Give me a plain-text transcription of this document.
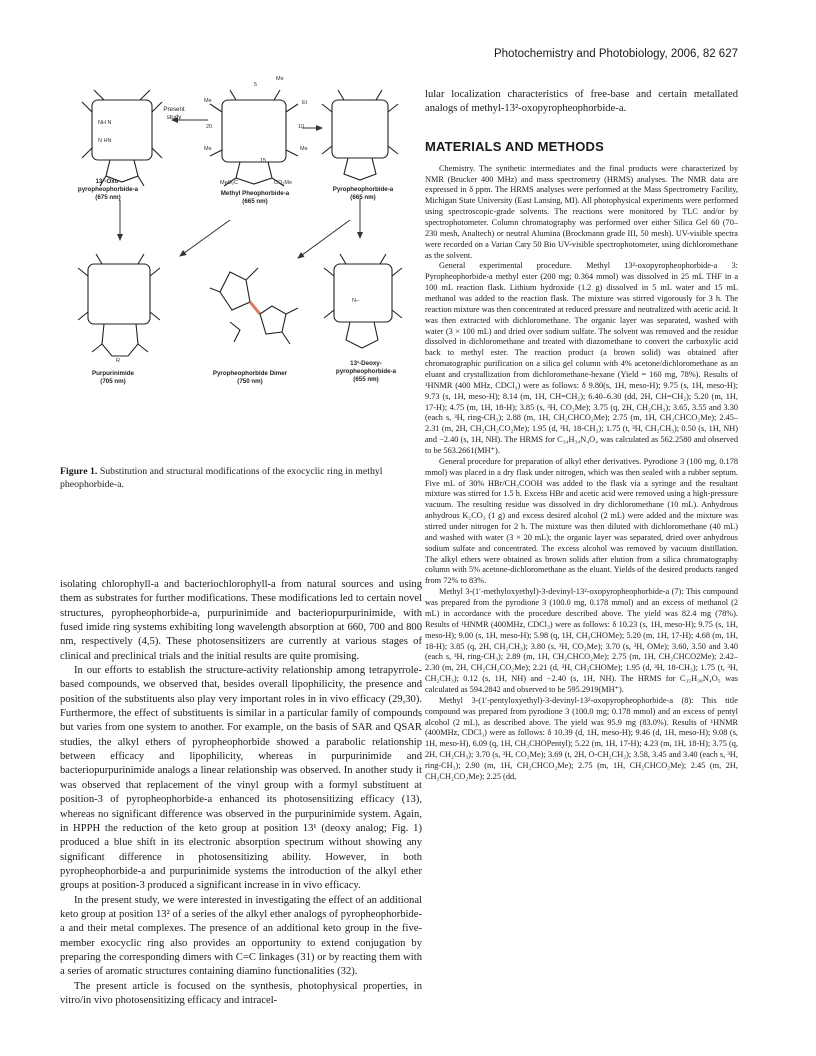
Photochemistry and Photobiology, 2006, 82 627
13²-Oxo-
pyropheophorbide-a
(675 nm)
Present
study
Methyl Pheophorbide-a
(665 nm)
Pyropheophorbide-a
(665 nm)
Purpurinimide
(705 nm)
Pyropheophorbide Dimer
(750 nm)
13¹-Deoxy-
pyropheophorbide-a
(655 nm)
Me
5
Me
Et
20	10
Me	Me
15
MeO₂C	CO₂Me
NH N
N HN
R
N–
Figure 1. Substitution and structural modifications of the exocyclic ring in methyl pheophorbide-a.

isolating chlorophyll-a and bacteriochlorophyll-a from natural sources and using them as substrates for further modifications. These modifications led to certain novel structures, pyropheophorbide-a, purpurinimide and bacteriopurpurinimide, with fused imide ring systems exhibiting long wavelength absorption at 660, 700 and 800 nm, respectively (4,5). These photosensitizers are currently at various stages of clinical and preclinical trials and the initial results are quite promising.

In our efforts to establish the structure-activity relationship among tetrapyrrole-based compounds, we observed that, besides overall lipophilicity, the presence and position of the substituents also play very important roles in in vivo efficacy (29,30). Furthermore, the effect of substituents is similar in a particular family of compounds but varies from one system to another. For example, on the basis of SAR and QSAR studies, the alkyl ethers of pyropheophorbide showed a parabolic relationship between efficacy and lipophilicity, whereas in purpurinimide and bacteriopurpurinimide analogs a linear relationship was observed. In another study it was observed that replacement of the vinyl group with a formyl substituent at position-3 of pyropheophorbide-a enhanced its photosensitizing efficacy (13), whereas no significant difference was observed in the purpurinimide system. Again, in HPPH the reduction of the keto group at position 13¹ (deoxy analog; Fig. 1) produced a blue shift in its electronic absorption spectrum without showing any significant difference in photosensitizing ability. However, in both pyropheophorbide-a and purpurinimide systems the introduction of the alkyl ether groups at position-3 produced a significant increase in in vivo efficacy.

In the present study, we were interested in investigating the effect of an additional keto group at position 13² of a series of the alkyl ether analogs of pyropheophorbide-a and their metal complexes. The presence of an additional keto group in the five-member exocyclic ring also provides an opportunity to extend conjugation by preparing the corresponding dimers with C=C linkages (31) or by reacting them with a series of aromatic structures containing diamino functionalities (32).

The present article is focused on the synthesis, photophysical properties, in vitro/in vivo photosensitizing efficacy and intracel-

lular localization characteristics of free-base and certain metallated analogs of methyl-13²-oxopyropheophorbide-a.

MATERIALS AND METHODS

Chemistry. The synthetic intermediates and the final products were characterized by NMR (Brucker 400 MHz) and mass spectrometry (HRMS) analyses. The NMR data are expressed in δ ppm. The HRMS analyses were performed at the Mass Spectrometry Facility, Michigan State University (East Lansing, MI). All photophysical experiments were performed using spectroscopic-grade solvents. The reactions were monitored by TLC and/or by spectrophotometer. Column chromatography was performed over either Silica Gel 60 (70–230 mesh, Analtech) or neutral Alumina (Brockmann grade III, 50 mesh). UV-visible spectra were recorded on a Varian Cary 50 Bio UV-visible spectrophotometer, using dichloromethane as the solvent.

General experimental procedure. Methyl 13²-oxopyropheophorbide-a 3: Pyropheophorbide-a methyl ester (200 mg; 0.364 mmol) was dissolved in 25 mL THF in a 100 mL reaction flask. Lithium hydroxide (1.2 g) dissolved in 5 mL water and 15 mL methanol was added to the reaction flask. The mixture was stirred vigorously for 3 h. The reaction mixture was then concentrated at reduced pressure and neutralized with acetic acid. It was then extracted with dichloromethane. The organic layer was separated, washed with water (3 × 100 mL) and dried over sodium sulfate. The solvent was removed and the residue dissolved in dichloromethane and treated with diazomethane to convert the carboxylic acid back to methyl ester. The reaction product (a brown solid) was obtained after chromatographic purification on a silica gel column with 4% acetone/dichloromethane as an eluant and crystallization from dichloromethane-hexane (Yield = 160 mg, 78%). Results of ¹HNMR (400 MHz, CDCl₃) were as follows: δ 9.80(s, 1H, meso-H); 9.75 (s, 1H, meso-H); 9.73 (s, 1H, meso-H); 8.14 (m, 1H, CH=CH₂); 6.40–6.30 (dd, 2H, CH=CH₂); 5.20 (m, 1H, 17-H); 4.75 (m, 1H, 18-H); 3.85 (s, ³H, CO₂Me); 3.75 (q, 2H, CH₂CH₃); 3.65, 3.55 and 3.30 (each s, ³H, ring-CH₃); 2.88 (m, 1H, CH₂CHCO₂Me); 2.75 (m, 1H, CH₂CHCO₂Me); 2.45–2.31 (m, 2H, CH₂CH₂CO₂Me); 1.95 (d, ³H, 18-CH₃); 1.75 (t, ³H, CH₂CH₃); 0.50 (s, 1H, NH) and −2.40 (s, 1H, NH). The HRMS for C₃₄H₃₄N₄O₄ was calculated as 562.2580 and observed to be 563.2661(MH⁺).

General procedure for preparation of alkyl ether derivatives. Pyrodione 3 (100 mg, 0.178 mmol) was placed in a dry flask under nitrogen, which was then sealed with a rubber septum. Five mL of 30% HBr/CH₃COOH was added to the flask via a syringe and the resultant mixture was stirred for 1.5 h. Excess HBr and acetic acid were removed using a high-pressure vacuum. The resulting residue was dissolved in dry dichloromethane (10 mL). Anhydrous anhydrous K₂CO₃ (1 g) and excess desired alcohol (2 mL) were added and the mixture was stirred under nitrogen for 2 h. The mixture was then diluted with dichloromethane (40 mL) and washed with water (3 × 20 mL); the organic layer was separated, dried over anhydrous sodium sulfate and concentrated. The excess alcohol was removed by vacuum distillation. The alkyl ethers were obtained as brown solids after elution from a silica chromatography column with 5% acetone-dichloromethane as the eluant. Yields of the desired products ranged from 72% to 83%.

Methyl 3-(1′-methyloxyethyl)-3-devinyl-13²-oxopyropheophorbide-a (7): This compound was prepared from the pyrodione 3 (100.0 mg, 0.178 mmol) and an excess of methanol (2 mL) in accordance with the procedure described above. The yield was 82.4 mg (78%). Results of ¹HNMR (400MHz, CDCl₃) were as follows: δ 10.23 (s, 1H, meso-H); 9.75 (s, 1H, meso-H); 9.00 (s, 1H, meso-H); 5.98 (q, 1H, CH₃CHOMe); 5.20 (m, 1H, 17-H); 4.68 (m, 1H, 18-H); 3.85 (q, 2H, CH₂CH₃); 3.80 (s, ³H, CO₂Me); 3.70 (s, ³H, OMe); 3.60, 3.50 and 3.40 (each s, ³H, ring-CH₃); 2.89 (m, 1H, CH₂CHCO₂Me); 2.75 (m, 1H, CH₂CHCO2Me); 2.42–2.30 (m, 2H, CH₂CH₂CO₂Me); 2.21 (d, ³H, CH₃CHOMe); 1.95 (d, ³H, 18-CH₃); 1.75 (t, ³H, CH₂CH₃); 0.12 (s, 1H, NH) and −2.40 (s, 1H, NH). The HRMS for C₃₅H₃₈N₄O₅ was calculated as 594.2842 and observed to be 595.2919(MH⁺).

Methyl 3-(1′-pentyloxyethyl)-3-devinyl-13²-oxopyropheophorbide-a (8): This title compound was prepared from pyrodione 3 (100.0 mg; 0.178 mmol) and an excess of pentyl alcohol (2 mL), as described above. The yield was 95.9 mg (83.0%). Results of ¹HNMR (400MHz, CDCl₃) were as follows: δ 10.39 (d, 1H, meso-H); 9.46 (d, 1H, meso-H); 9.08 (s, 1H, meso-H), 6.09 (q, 1H, CH₃CHOPentyl); 5.22 (m, 1H, 17-H); 4.23 (m, 1H, 18-H); 3.75 (q, 2H, CH₂CH₃); 3.70 (s, ³H, CO₂Me); 3.69 (t, 2H, O-CH₂CH₂); 3.58, 3.45 and 3.40 (each s, ³H, ring-CH₃); 2.90 (m, 1H, CH₂CHCO₂Me); 2.75 (m, 1H, CH₂CHCO₂Me); 2.45 (m, 2H, CH₂CH₂CO₂Me); 2.25 (dd,
